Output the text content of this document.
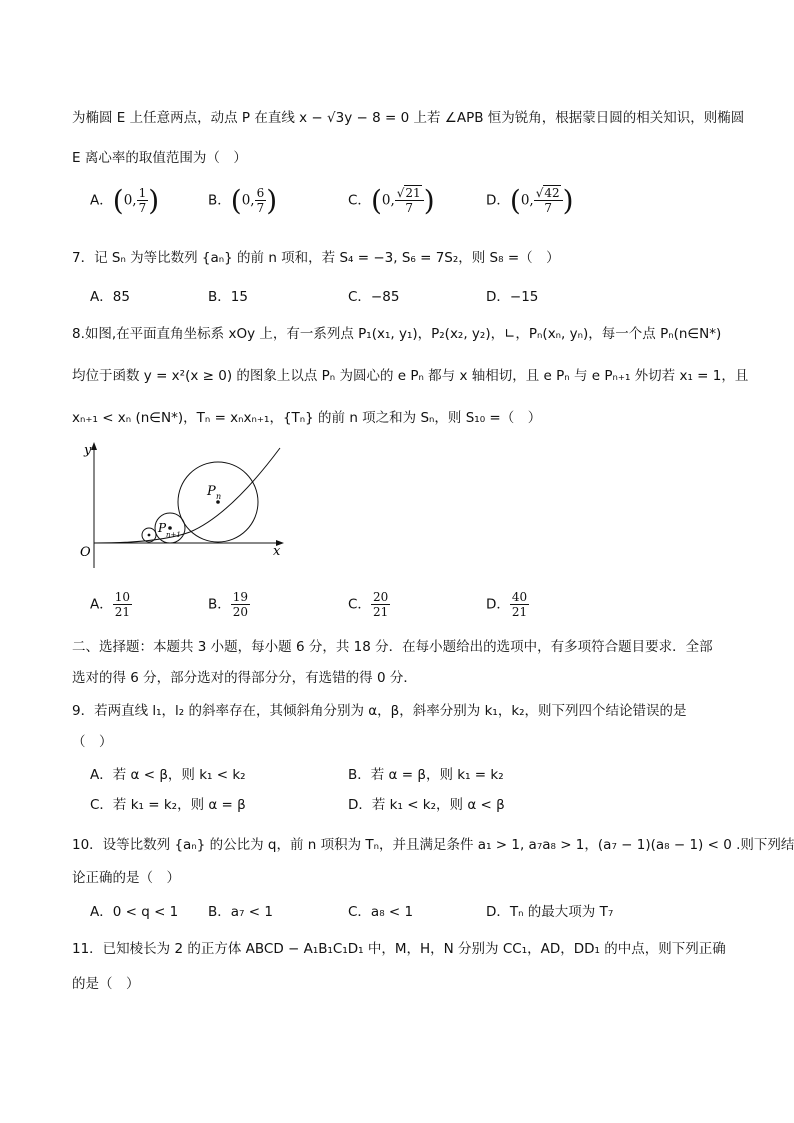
为椭圆 E 上任意两点，动点 P 在直线 x − √3y − 8 = 0 上若 ∠APB 恒为锐角，根据蒙日圆的相关知识，则椭圆
E 离心率的取值范围为（　）
A．(0, $\frac{1}{7}$ )	B．(0, $\frac{6}{7}$ )	C．(0, $\frac{√21}{7}$ )	D．(0, $\frac{√42}{7}$ )
7．记 Sₙ 为等比数列 {aₙ} 的前 n 项和，若 S₄ = −3, S₆ = 7S₂，则 S₈ =（　）
A．85	B．15	C．−85	D．−15
8.如图,在平面直角坐标系 xOy 上，有一系列点 P₁(x₁, y₁)，P₂(x₂, y₂)，∟，Pₙ(xₙ, yₙ)，每一个点 Pₙ(n∈N*)
均位于函数 y = x²(x ≥ 0) 的图象上以点 Pₙ 为圆心的 e Pₙ 都与 x 轴相切，且 e Pₙ 与 e Pₙ₊₁ 外切若 x₁ = 1，且
xₙ₊₁ < xₙ (n∈N*)，Tₙ = xₙxₙ₊₁，{Tₙ} 的前 n 项之和为 Sₙ，则 S₁₀ =（　）
y
x
O
P n
P n+1
A． $\frac{10}{21}$	B． $\frac{19}{20}$	C． $\frac{20}{21}$	D． $\frac{40}{21}$
二、选择题：本题共 3 小题，每小题 6 分，共 18 分．在每小题给出的选项中，有多项符合题目要求．全部
选对的得 6 分，部分选对的得部分分，有选错的得 0 分．
9．若两直线 l₁，l₂ 的斜率存在，其倾斜角分别为 α，β，斜率分别为 k₁，k₂，则下列四个结论错误的是
（　）
A．若 α < β，则 k₁ < k₂	B．若 α = β，则 k₁ = k₂
C．若 k₁ = k₂，则 α = β	D．若 k₁ < k₂，则 α < β
10．设等比数列 {aₙ} 的公比为 q，前 n 项积为 Tₙ，并且满足条件 a₁ > 1, a₇a₈ > 1，(a₇ − 1)(a₈ − 1) < 0 .则下列结
论正确的是（　）
A．0 < q < 1 B．a₇ < 1	C．a₈ < 1	D．Tₙ 的最大项为 T₇
11．已知棱长为 2 的正方体 ABCD − A₁B₁C₁D₁ 中，M，H，N 分别为 CC₁，AD，DD₁ 的中点，则下列正确
的是（　）
